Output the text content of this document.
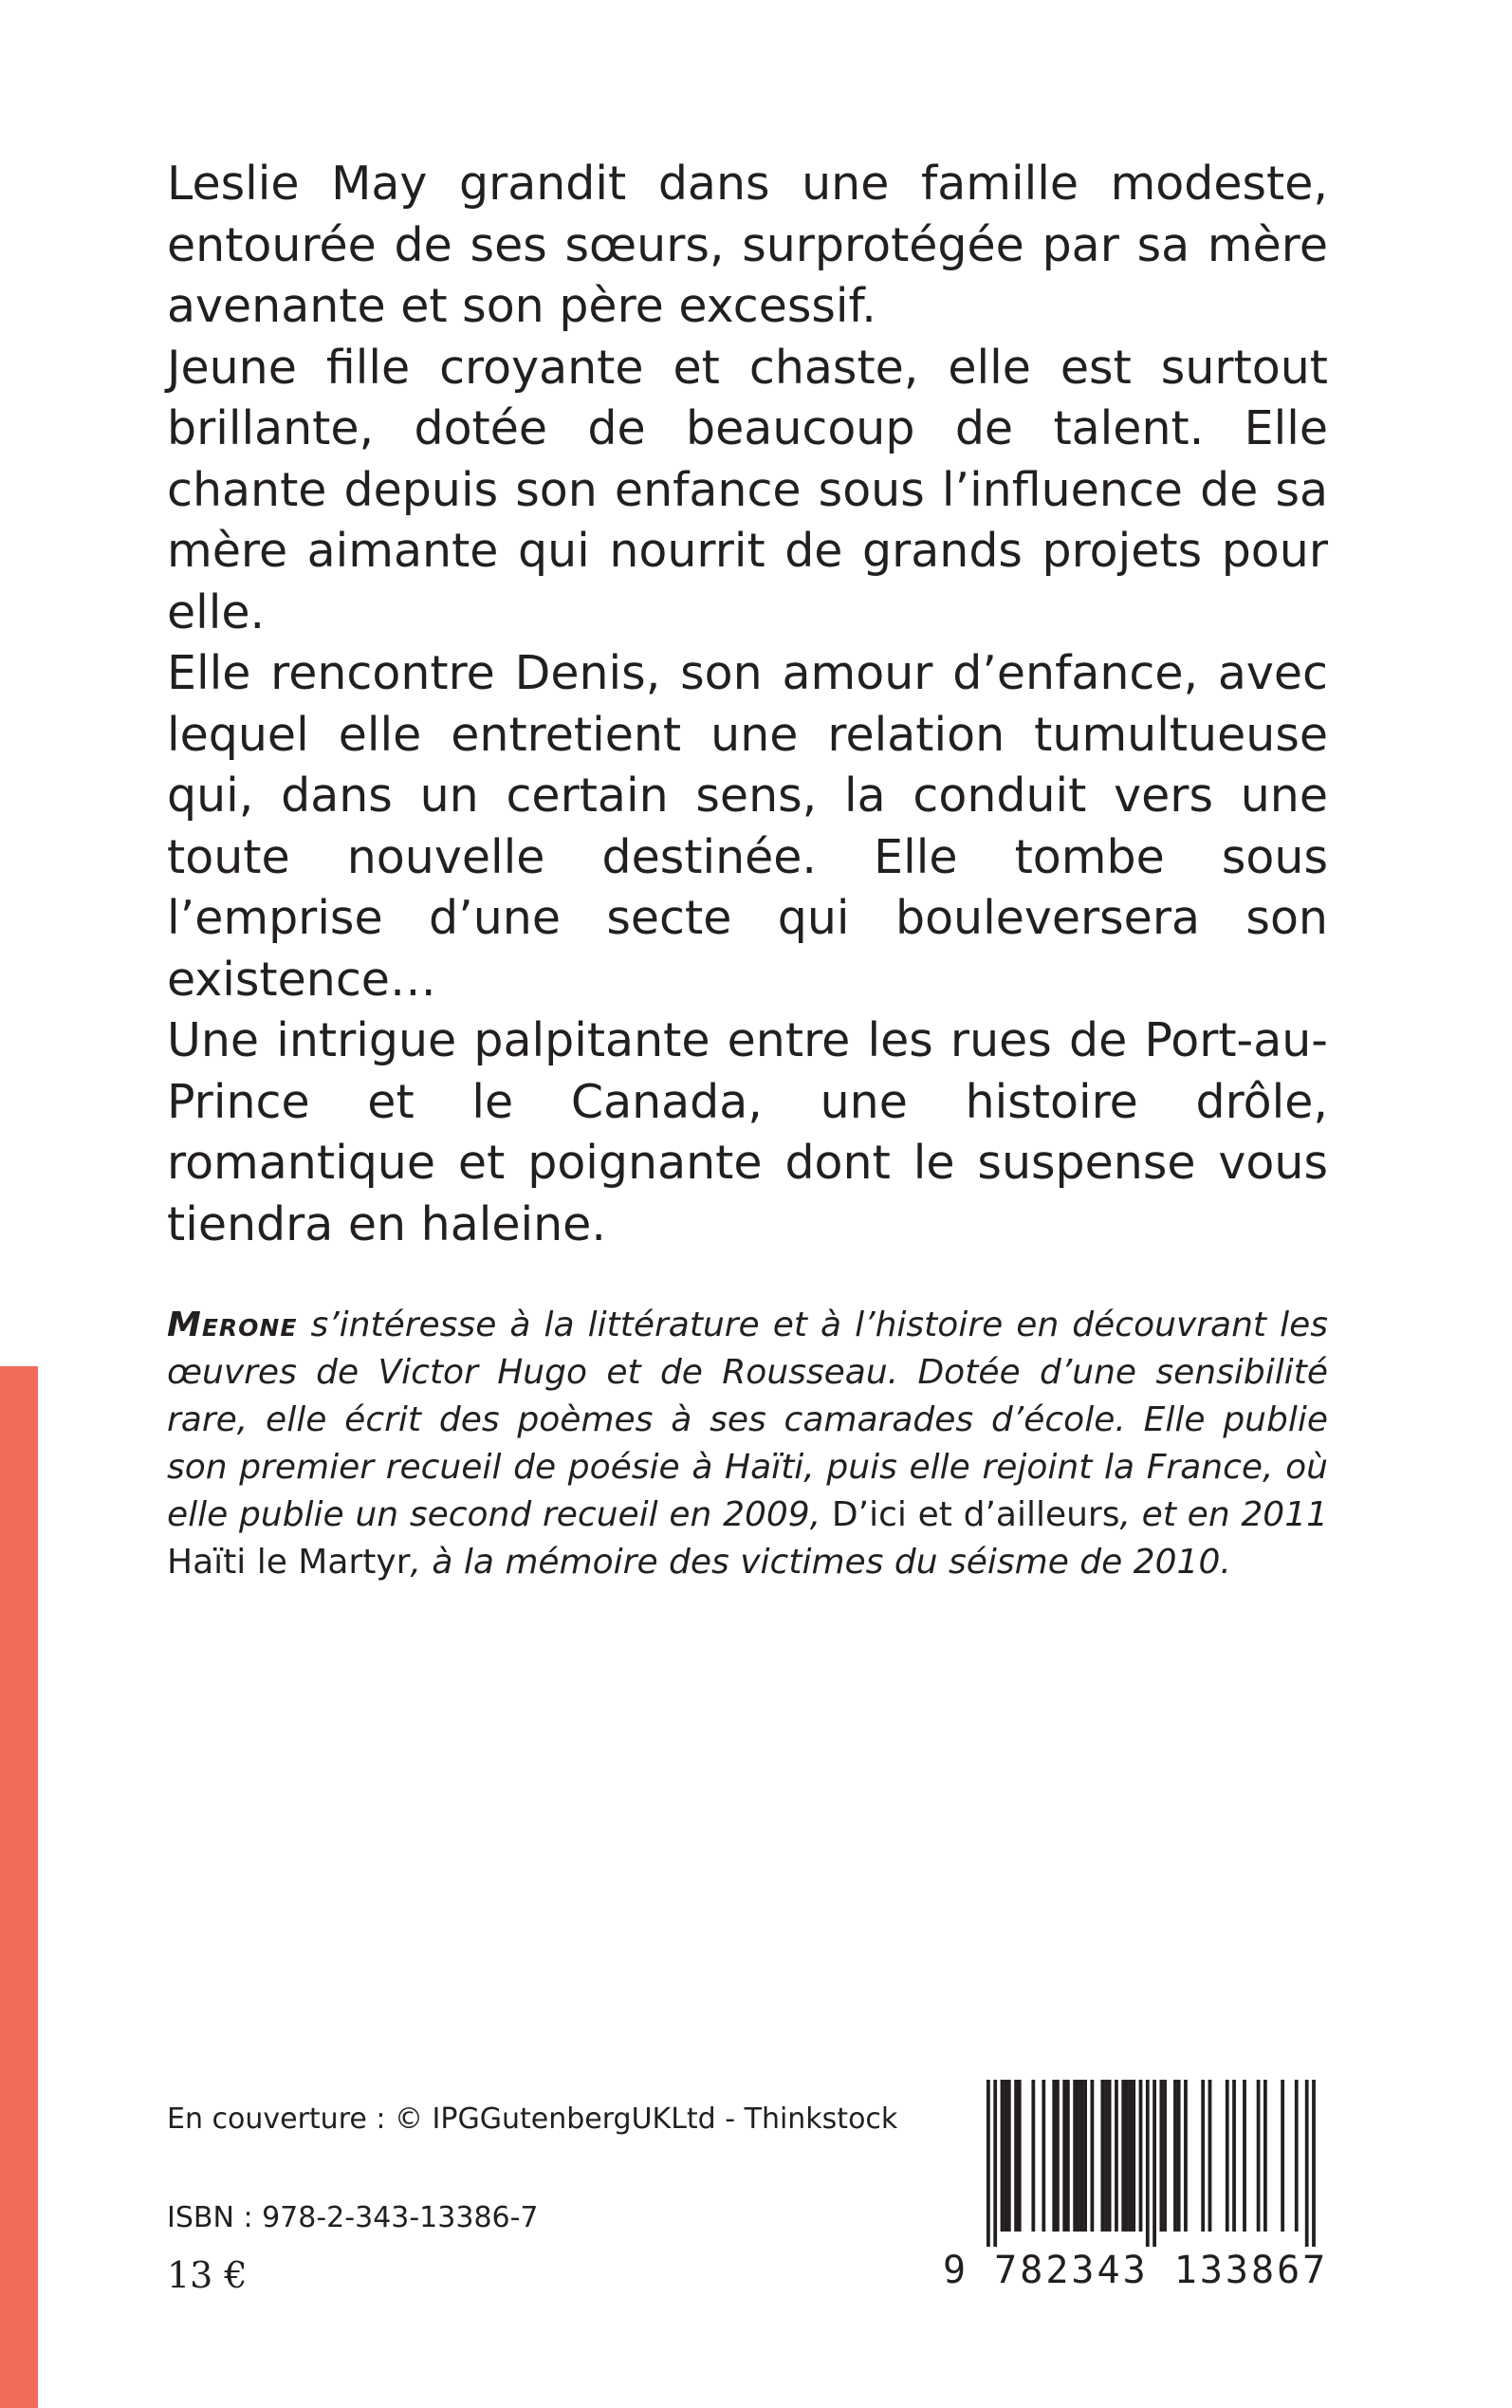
Leslie May grandit dans une famille modeste, entourée de ses sœurs, surprotégée par sa mère avenante et son père excessif.

Jeune fille croyante et chaste, elle est surtout brillante, dotée de beaucoup de talent. Elle chante depuis son enfance sous l’influence de sa mère aimante qui nourrit de grands projets pour elle.

Elle rencontre Denis, son amour d’enfance, avec lequel elle entretient une relation tumultueuse qui, dans un certain sens, la conduit vers une toute nouvelle destinée. Elle tombe sous l’emprise d’une secte qui bouleversera son existence…

Une intrigue palpitante entre les rues de Port-au-Prince et le Canada, une histoire drôle, romantique et poignante dont le suspense vous tiendra en haleine.

Merone s’intéresse à la littérature et à l’histoire en découvrant les œuvres de Victor Hugo et de Rousseau. Dotée d’une sensibilité rare, elle écrit des poèmes à ses camarades d’école. Elle publie son premier recueil de poésie à Haïti, puis elle rejoint la France, où elle publie un second recueil en 2009, D’ici et d’ailleurs, et en 2011 Haïti le Martyr, à la mémoire des victimes du séisme de 2010.
En couverture : © IPGGutenbergUKLtd - Thinkstock
ISBN : 978-2-343-13386-7
13 €	9 782343 133867
